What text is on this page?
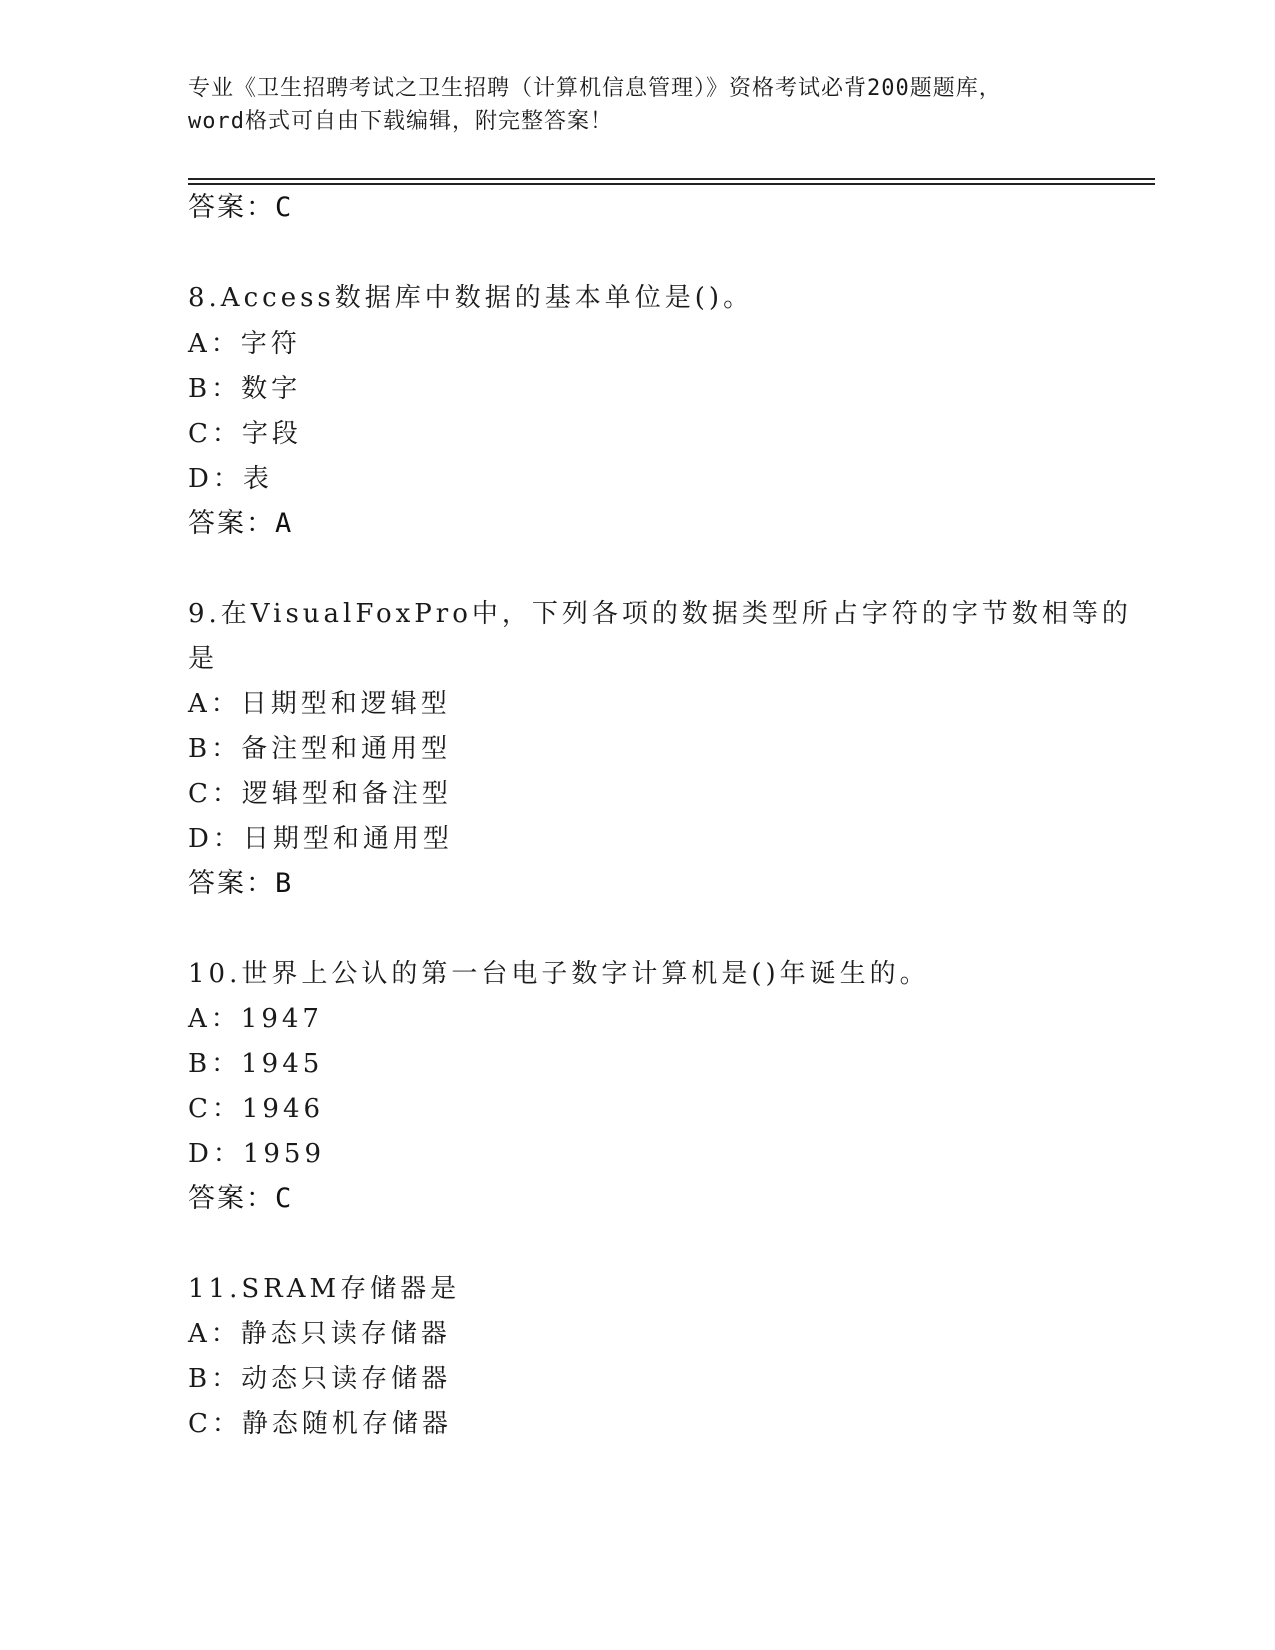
专业《卫生招聘考试之卫生招聘（计算机信息管理）》资格考试必背200题题库，
word格式可自由下载编辑，附完整答案！
答案：C
8.Access数据库中数据的基本单位是()。
A：字符
B：数字
C：字段
D：表
答案：A
9.在VisualFoxPro中，下列各项的数据类型所占字符的字节数相等的
是
A：日期型和逻辑型
B：备注型和通用型
C：逻辑型和备注型
D：日期型和通用型
答案：B
10.世界上公认的第一台电子数字计算机是()年诞生的。
A：1947
B：1945
C：1946
D：1959
答案：C
11.SRAM存储器是
A：静态只读存储器
B：动态只读存储器
C：静态随机存储器
